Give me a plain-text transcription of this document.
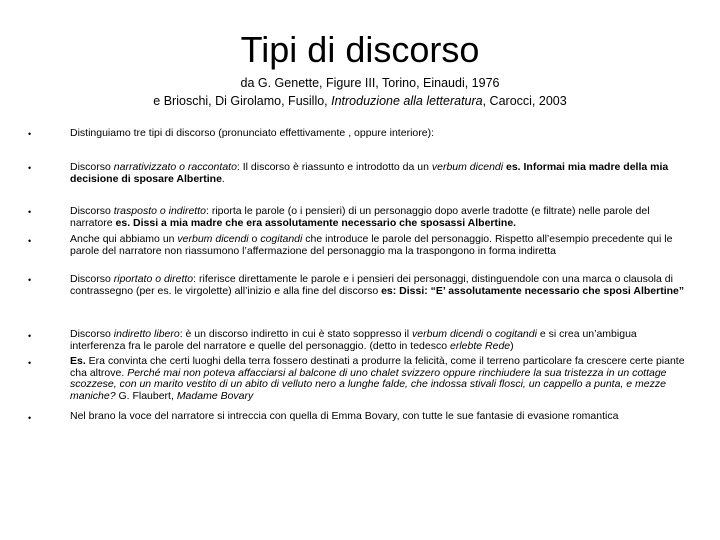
Tipi di discorso
da G. Genette, Figure III, Torino, Einaudi, 1976
e Brioschi, Di Girolamo, Fusillo, Introduzione alla letteratura, Carocci, 2003
•	Distinguiamo tre tipi di discorso (pronunciato effettivamente , oppure interiore):
•	Discorso narrativizzato o raccontato: Il discorso è riassunto e introdotto da un verbum dicendi es. Informai mia madre della mia decisione di sposare Albertine.
•	Discorso trasposto o indiretto: riporta le parole (o i pensieri) di un personaggio dopo averle tradotte (e filtrate) nelle parole del narratore es. Dissi a mia madre che era assolutamente necessario che sposassi Albertine.
•	Anche qui abbiamo un verbum dicendi o cogitandi che introduce le parole del personaggio. Rispetto all’esempio precedente qui le parole del narratore non riassumono l’affermazione del personaggio ma la traspongono in forma indiretta
•	Discorso riportato o diretto: riferisce direttamente le parole e i pensieri dei personaggi, distinguendole con una marca o clausola di contrassegno (per es. le virgolette) all’inizio e alla fine del discorso es: Dissi: “E’ assolutamente necessario che sposi Albertine”
•	Discorso indiretto libero: è un discorso indiretto in cui è stato soppresso il verbum dicendi o cogitandi e si crea un’ambigua interferenza fra le parole del narratore e quelle del personaggio. (detto in tedesco erlebte Rede)
•	Es. Era convinta che certi luoghi della terra fossero destinati a produrre la felicità, come il terreno particolare fa crescere certe piante cha altrove. Perché mai non poteva affacciarsi al balcone di uno chalet svizzero oppure rinchiudere la sua tristezza in un cottage scozzese, con un marito vestito di un abito di velluto nero a lunghe falde, che indossa stivali flosci, un cappello a punta, e mezze maniche? G. Flaubert, Madame Bovary
•	Nel brano la voce del narratore si intreccia con quella di Emma Bovary, con tutte le sue fantasie di evasione romantica
